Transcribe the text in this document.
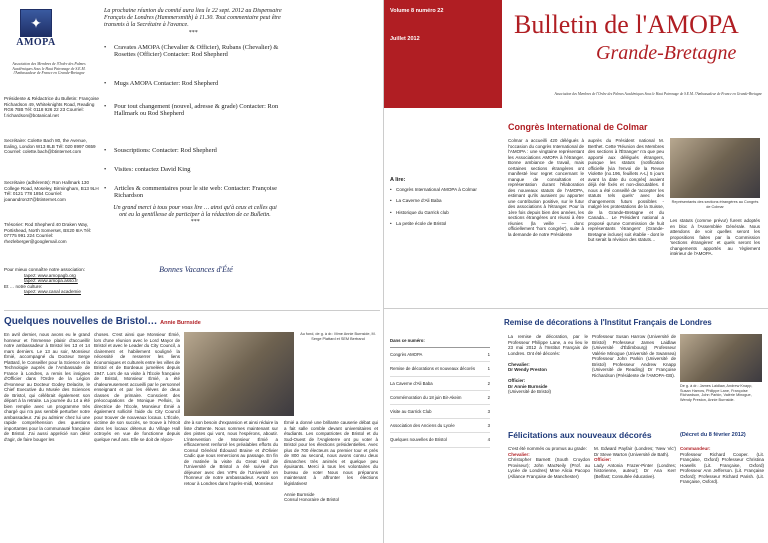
✦
AMOPA
Association des Membres de l'Ordre des Palmes Académiques Sous le Haut Patronage de S.E.M. l'Ambassadeur de France en Grande-Bretagne
La prochaine réunion du comité aura lieu le 22 sept. 2012 au Dispensaire Français de Londres (Hammersmith) à 11.30. Tout commentaire peut être transmis à la Secrétaire à l'avance.

***
Présidente & Rédactrice du Bulletin: Françoise Richardson 49, Whiteknights Road, Reading RG6 7BB Tél: 0118 926 22 23 Courriel: f.richardson@botanical.net
Secrétaire: Colette Bach 80, the Avenue, Ealing, London W13 8LB Tél: 020 8997 0659 Courriel: colette.bach@btinternet.com
Secrétaire (adhérents): Ron Hallmark 130 College Road, Moseley, Birmingham, B13 9LH Tél: 0121 778 1854 Courriel: joanandron37@btinternet.com
Trésorier: Rod Shepherd 40 Draken Way, Portishead, North Somerset, BS20 6IA Tél: 07775 991 224 Courriel: rhezleberger@googlemail.com
• Cravates AMOPA (Chevalier & Officier), Rubans (Chevalier) & Rosettes (Officier) Contacter: Rod Shepherd
• Mugs AMOPA Contacter: Rod Shepherd
• Pour tout changement (nouvel, adresse & grade) Contacter: Ron Hallmark ou Rod Shepherd
• Souscriptions: Contacter: Rod Shepherd
• Visites: contactez David King
• Articles & commentaires pour le site web: Contacter: Françoise Richardson
Un grand merci à tous pour vous lire … ainsi qu'à ceux et celles qui ont eu la gentillesse de participer à la rédaction de ce Bulletin.
***
Pour mieux connaître notre association:
tapez: www.amopagb.org
tapez: www.amopa.asso.fr
Et … notre culture:
tapez: www.canal academie
Bonnes Vacances d'Été
Quelques nouvelles de Bristol… Annie Burnside
En avril dernier, nous avons eu le grand honneur et l'immense plaisir d'accueillir notre ambassadeur à Bristol les 13 et 14 mars derniers. Le 13 au soir, Monsieur Émié, accompagné du Docteur Serge Plattard, le Conseiller pour la Science et la Technologie auprès de l'Ambassade de France à Londres, a remis les insignes d'Officier dans l'Ordre de la Légion d'Honneur au Docteur Godey Delacite, le Chief Executive du Musée des Sciences de Bristol, qui célébrait également son départ à la retraite. La journée du 14 a été bien remplie avec un programme très chargé qui n'a pas semblé perturber notre ambassadeur. J'ai pu admirer chez lui une rapide compréhension des questions importantes pour la communauté française de Bristol. J'ai aussi apprécié son désir d'agir, de faire bouger les
choses. C'est ainsi que Monsieur Émié, lors d'une réunion avec le Lord Mayor de Bristol et avec le Leader du City Council, a clairement et habilement souligné la nécessité de resserrer les liens économiques et culturels entre les villes de Bristol et de Bordeaux jumelées depuis 1947. Lors de sa visite à l'École française de Bristol, Monsieur Émié, a été chaleureusement accueilli par le personnel enseignant et par les élèves de deux classes de primaire. Conscient des préoccupations de Monique Pellois, la directrice de l'École, Monsieur Émié a également sollicité l'aide du City Council pour trouver de nouveaux locaux. L'École, victime de son succès, se trouve à l'étroit dans les locaux détenus du Village Hall octroyés en vue de fonctionne depuis quelque neuf ans. Elle se doit de répon-
Au fond, de g. à dr.: Mme Annie Burnside, M. Serge Plattard et SEM Bertrand
dre à son besoin d'expansion et ainsi réduire la liste d'attente. Nous sommes maintenant sur des pistes qui vont, nous l'espérons, aboutir. L'intervention de Monsieur Émié a efficacement renforcé les préalables efforts du Consul Général Édouard Braine et d'Olivier Cadic que nous remercions au passage. En fin de matinée la visite du Great Hall de l'Université de Bristol a été suivie d'un déjeuner avec des VIPs de l'Université en l'honneur de notre ambassadeur. Avant son retour à Londres dans l'après-midi, Monsieur
Émié a donné une brillante causerie débat qui a fait salle comble devant universitaires et étudiants. Les compatriotes de Bristol et du Sud-Ouest de l'Angleterre ont pu voter à Bristol pour les élections présidentielles. Avec plus de 700 électeurs au premier tour et près de 800 au second, nous avons connu deux dimanches très animés et quelque peu épuisants. Merci à tous les volontaires du bureau de vote! Nous nous préparons maintenant à affronter les élections législatives!

Annie Burnside
Consul Honoraire de Bristol
Volume 8 numéro 22
Juillet 2012	Bulletin de l'AMOPA
Grande-Bretagne
Association des Membres de l'Ordre des Palmes Académiques Sous le Haut Patronage de S.E.M. l'Ambassadeur de France en Grande-Bretagne
Congrès International de Colmar
A lire:
• Congrès International AMOPA à Colmar
• La Caverne d'Ali Baba
• Historique du Garrick club
• La petite école de Bristol
Colmar a accueilli 420 délégués à l'occasion du congrès International de l'AMOPA : une vingtaine représentant les Associations AMOPA à l'étranger. Bonne ambiance de travail, mais certaines sections étrangères ont manifesté leur regret concernant le manque de consultation et représentation durant l'élaboration des nouveaux statuts de l'AMOPA, estimant qu'ils auraient pu apporter une contribution positive, sur le futur des associations à l'étranger. Pour la 1ère fois depuis bien des années, les sections étrangères ont réussi à être réunies (la veille — donc officiellement 'hors congrès'), suite à la demande de notre Présidente
auprès du Président national M. Berthet. Cette 'Réunion des Membres des sections à l'Étranger' n'a que peu apporté aux délégués étrangers, puisque les statuts (notification officielle [via l'envoi de la Revue Violette (no.196, feuillets A-L) 5 jours avant la date du congrès] avaient déjà été fixés et non-discutables. Il nous a été conseillé de 'accepter les statuts tels quels' avec des changements futurs possibles - malgré les protestations de la Suisse, de la Grande-Bretagne et du Canada… Le Président national a proposé qu'une Commission de huit représentants 'étrangers' (Grande-Bretagne incluse) soit établie - dont le but serait la révision des statuts…
Représentants des sections étrangères au Congrès de Colmar
Les statuts (comme prévu!) furent adoptés en bloc à l'Assemblée Générale. Nous attendons de voir quelles seront les propositions faites par la Commission 'sections étrangères' et quels seront les changements apportés au 'règlement intérieur de l'AMOPA.
Remise de décorations à l'Institut Français de Londres
Dans ce numéro:
Congrès AMOPA	1
Remise de décorations et nouveaux décorés	1
La Caverne d'Ali Baba	2
Commémoration du 18 juin Bir-Akeim	2
Visite au Garrick Club	3
Association des Anciens du Lycée	3
Quelques nouvelles de Bristol	4
La remise de décoration, par le Professeur Philippe Lane, a eu lieu le 23 mai 2012 à l'Institut Français de Londres. Ont été décorés:

Chevalier:
Dr Wendy Preston

Officier:
Dr Annie Burnside
(Université de Bristol)
Professeur Susan Harrow (Université de Bristol) Professeur James Laidlaw (Université d'Édimbourg) Professeur Valérie Minogue (Université de Swansea) Professeur John Parkin (Université de Bristol) Professeur Andrew Knapp (Université de Reading) Dr Françoise Richardson (Présidente de l'AMOPA-GB).
De g. à dr.: James Laidlaw, Andrew Knapp, Susan Harrow, Philippe Lane, Françoise Richardson, John Parkin, Valérie Minogue, Wendy Preston, Annie Burnside.
Félicitations aux nouveaux décorés	(Décret du 8 février 2012)
C'est été nommés ou promus au grade:
Chevalier:
Christopher Barnett (South Croydon Proviseur); John MacNeily (Prof. au Lycée de Londres) Mme Alicia Pacopo (Alliance Française de Manchester)
M. Edward Payfair (Londres; 'New Vic') Dr Steve Warton (Université de Bath).
Officier:
Lady Antonia Frazer-Pinter (Londres; historienne, auteur); Dr Ana Kerr (Belfast; Consultée éducative).
Commandeur:
Professeur Richard Cooper. (Lit. Française, Oxford) Professeur Christina Howells (Lit. Française, Oxford) Professeur Ann Jefferson. (Lit. Française Oxford); Professeur Richard Parish. (Lit. Française, Oxford).
